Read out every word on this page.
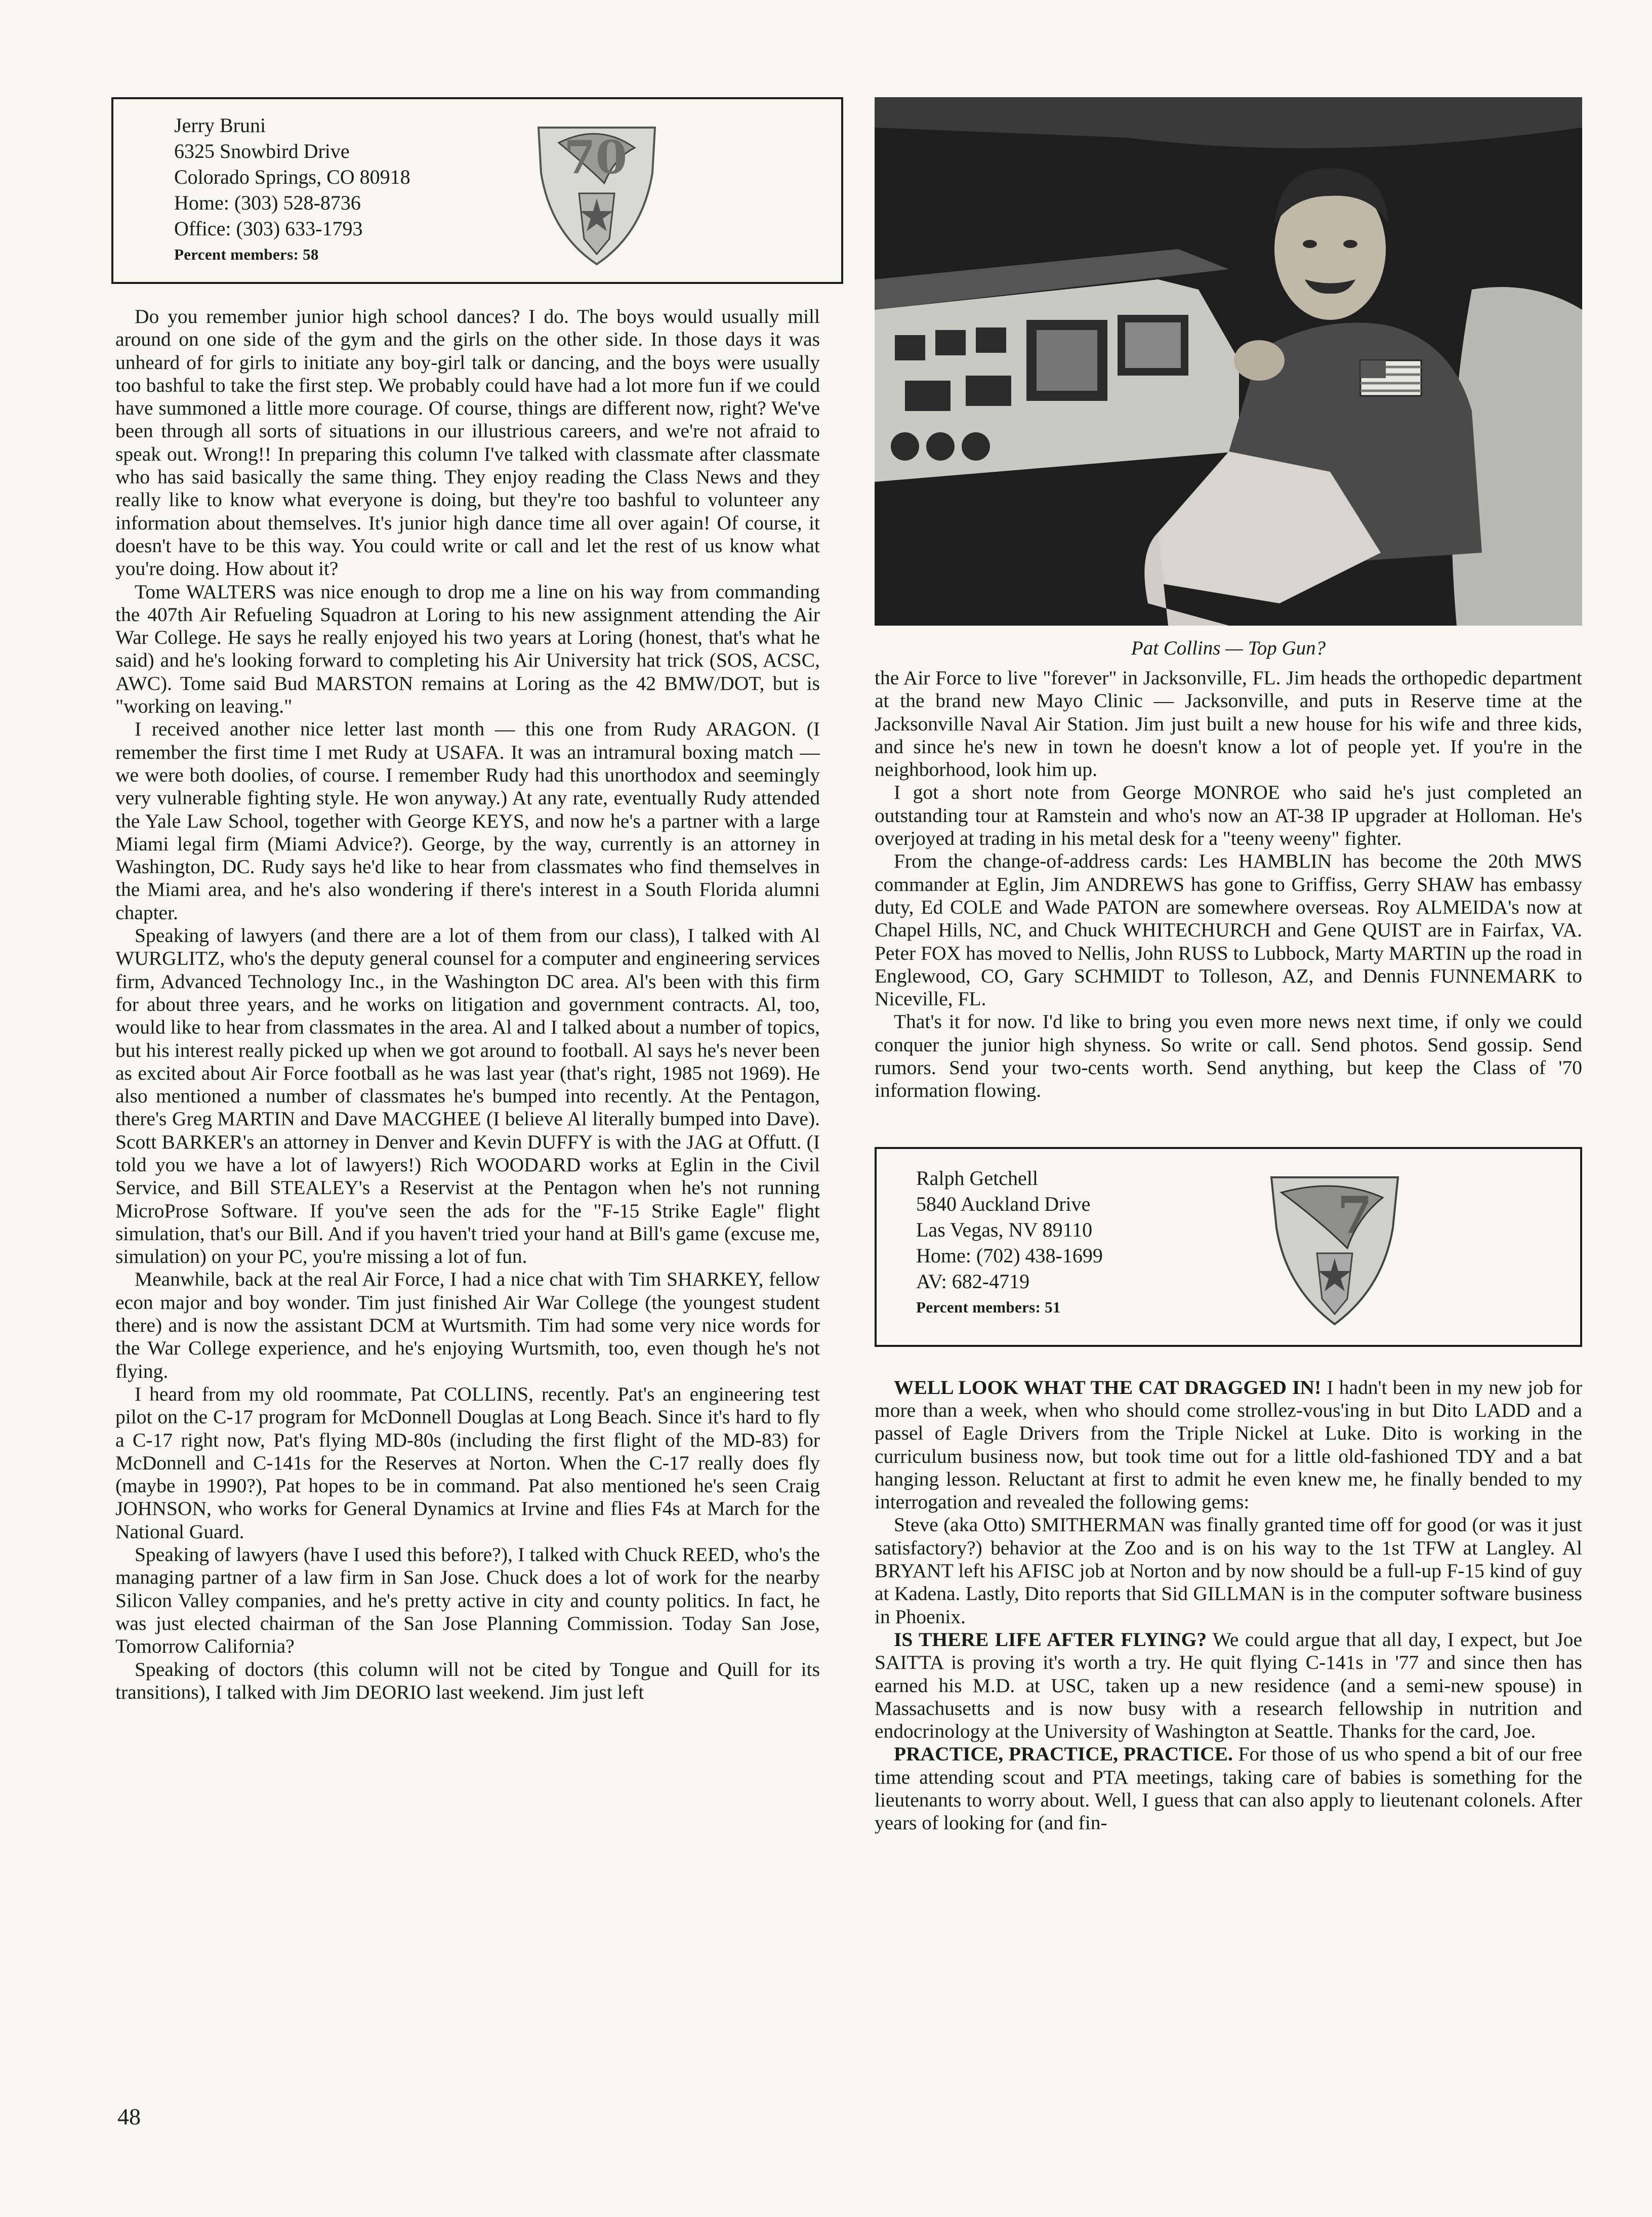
Jerry Bruni
6325 Snowbird Drive
Colorado Springs, CO 80918
Home: (303) 528-8736
Office: (303) 633-1793
Percent members: 58
70

Do you remember junior high school dances? I do. The boys would usually mill around on one side of the gym and the girls on the other side. In those days it was unheard of for girls to initiate any boy-girl talk or dancing, and the boys were usually too bashful to take the first step. We probably could have had a lot more fun if we could have summoned a little more courage. Of course, things are different now, right? We've been through all sorts of situations in our illustrious careers, and we're not afraid to speak out. Wrong!! In preparing this column I've talked with classmate after classmate who has said basically the same thing. They enjoy reading the Class News and they really like to know what everyone is doing, but they're too bashful to volunteer any information about themselves. It's junior high dance time all over again! Of course, it doesn't have to be this way. You could write or call and let the rest of us know what you're doing. How about it?

Tome WALTERS was nice enough to drop me a line on his way from commanding the 407th Air Refueling Squadron at Loring to his new assignment attending the Air War College. He says he really enjoyed his two years at Loring (honest, that's what he said) and he's looking forward to completing his Air University hat trick (SOS, ACSC, AWC). Tome said Bud MARSTON remains at Loring as the 42 BMW/DOT, but is "working on leaving."

I received another nice letter last month — this one from Rudy ARAGON. (I remember the first time I met Rudy at USAFA. It was an intramural boxing match — we were both doolies, of course. I remember Rudy had this unorthodox and seemingly very vulnerable fighting style. He won anyway.) At any rate, eventually Rudy attended the Yale Law School, together with George KEYS, and now he's a partner with a large Miami legal firm (Miami Advice?). George, by the way, currently is an attorney in Washington, DC. Rudy says he'd like to hear from classmates who find themselves in the Miami area, and he's also wondering if there's interest in a South Florida alumni chapter.

Speaking of lawyers (and there are a lot of them from our class), I talked with Al WURGLITZ, who's the deputy general counsel for a computer and engineering services firm, Advanced Technology Inc., in the Washington DC area. Al's been with this firm for about three years, and he works on litigation and government contracts. Al, too, would like to hear from classmates in the area. Al and I talked about a number of topics, but his interest really picked up when we got around to football. Al says he's never been as excited about Air Force football as he was last year (that's right, 1985 not 1969). He also mentioned a number of classmates he's bumped into recently. At the Pentagon, there's Greg MARTIN and Dave MACGHEE (I believe Al literally bumped into Dave). Scott BARKER's an attorney in Denver and Kevin DUFFY is with the JAG at Offutt. (I told you we have a lot of lawyers!) Rich WOODARD works at Eglin in the Civil Service, and Bill STEALEY's a Reservist at the Pentagon when he's not running MicroProse Software. If you've seen the ads for the "F-15 Strike Eagle" flight simulation, that's our Bill. And if you haven't tried your hand at Bill's game (excuse me, simulation) on your PC, you're missing a lot of fun.

Meanwhile, back at the real Air Force, I had a nice chat with Tim SHARKEY, fellow econ major and boy wonder. Tim just finished Air War College (the youngest student there) and is now the assistant DCM at Wurtsmith. Tim had some very nice words for the War College experience, and he's enjoying Wurtsmith, too, even though he's not flying.

I heard from my old roommate, Pat COLLINS, recently. Pat's an engineering test pilot on the C-17 program for McDonnell Douglas at Long Beach. Since it's hard to fly a C-17 right now, Pat's flying MD-80s (including the first flight of the MD-83) for McDonnell and C-141s for the Reserves at Norton. When the C-17 really does fly (maybe in 1990?), Pat hopes to be in command. Pat also mentioned he's seen Craig JOHNSON, who works for General Dynamics at Irvine and flies F4s at March for the National Guard.

Speaking of lawyers (have I used this before?), I talked with Chuck REED, who's the managing partner of a law firm in San Jose. Chuck does a lot of work for the nearby Silicon Valley companies, and he's pretty active in city and county politics. In fact, he was just elected chairman of the San Jose Planning Commission. Today San Jose, Tomorrow California?

Speaking of doctors (this column will not be cited by Tongue and Quill for its transitions), I talked with Jim DEORIO last weekend. Jim just left

Pat Collins — Top Gun?

the Air Force to live "forever" in Jacksonville, FL. Jim heads the orthopedic department at the brand new Mayo Clinic — Jacksonville, and puts in Reserve time at the Jacksonville Naval Air Station. Jim just built a new house for his wife and three kids, and since he's new in town he doesn't know a lot of people yet. If you're in the neighborhood, look him up.

I got a short note from George MONROE who said he's just completed an outstanding tour at Ramstein and who's now an AT-38 IP upgrader at Holloman. He's overjoyed at trading in his metal desk for a "teeny weeny" fighter.

From the change-of-address cards: Les HAMBLIN has become the 20th MWS commander at Eglin, Jim ANDREWS has gone to Griffiss, Gerry SHAW has embassy duty, Ed COLE and Wade PATON are somewhere overseas. Roy ALMEIDA's now at Chapel Hills, NC, and Chuck WHITECHURCH and Gene QUIST are in Fairfax, VA. Peter FOX has moved to Nellis, John RUSS to Lubbock, Marty MARTIN up the road in Englewood, CO, Gary SCHMIDT to Tolleson, AZ, and Dennis FUNNEMARK to Niceville, FL.

That's it for now. I'd like to bring you even more news next time, if only we could conquer the junior high shyness. So write or call. Send photos. Send gossip. Send rumors. Send your two-cents worth. Send anything, but keep the Class of '70 information flowing.

Ralph Getchell
5840 Auckland Drive
Las Vegas, NV 89110
Home: (702) 438-1699
AV: 682-4719
Percent members: 51
7

WELL LOOK WHAT THE CAT DRAGGED IN! I hadn't been in my new job for more than a week, when who should come strollez-vous'ing in but Dito LADD and a passel of Eagle Drivers from the Triple Nickel at Luke. Dito is working in the curriculum business now, but took time out for a little old-fashioned TDY and a bat hanging lesson. Reluctant at first to admit he even knew me, he finally bended to my interrogation and revealed the following gems:

Steve (aka Otto) SMITHERMAN was finally granted time off for good (or was it just satisfactory?) behavior at the Zoo and is on his way to the 1st TFW at Langley. Al BRYANT left his AFISC job at Norton and by now should be a full-up F-15 kind of guy at Kadena. Lastly, Dito reports that Sid GILLMAN is in the computer software business in Phoenix.

IS THERE LIFE AFTER FLYING? We could argue that all day, I expect, but Joe SAITTA is proving it's worth a try. He quit flying C-141s in '77 and since then has earned his M.D. at USC, taken up a new residence (and a semi-new spouse) in Massachusetts and is now busy with a research fellowship in nutrition and endocrinology at the University of Washington at Seattle. Thanks for the card, Joe.

PRACTICE, PRACTICE, PRACTICE. For those of us who spend a bit of our free time attending scout and PTA meetings, taking care of babies is something for the lieutenants to worry about. Well, I guess that can also apply to lieutenant colonels. After years of looking for (and fin-

48
